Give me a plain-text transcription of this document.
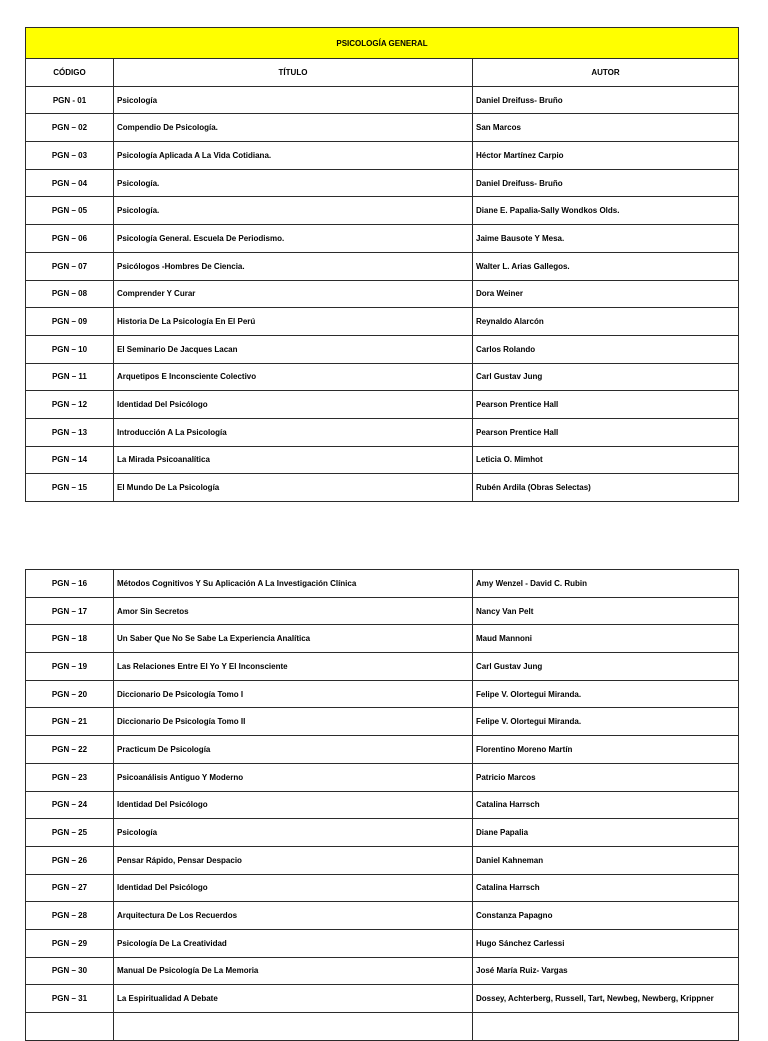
PSICOLOGÍA GENERAL		
CÓDIGO	TÍTULO	AUTOR
PGN - 01	Psicología	Daniel Dreifuss- Bruño
PGN – 02	Compendio De Psicología.	San Marcos
PGN – 03	Psicología Aplicada A La Vida Cotidiana.	Héctor Martínez Carpio
PGN – 04	Psicología.	Daniel Dreifuss- Bruño
PGN – 05	Psicología.	Diane E. Papalia-Sally Wondkos Olds.
PGN – 06	Psicología General. Escuela De Periodismo.	Jaime Bausote Y Mesa.
PGN – 07	Psicólogos -Hombres De Ciencia.	Walter L. Arias Gallegos.
PGN – 08	Comprender Y Curar	Dora Weiner
PGN – 09	Historia De La Psicología En El Perú	Reynaldo Alarcón
PGN – 10	El Seminario De Jacques Lacan	Carlos Rolando
PGN – 11	Arquetipos E Inconsciente Colectivo	Carl Gustav Jung
PGN – 12	Identidad Del Psicólogo	Pearson Prentice Hall
PGN – 13	Introducción A La Psicología	Pearson Prentice Hall
PGN – 14	La Mirada Psicoanalítica	Leticia O. Mimhot
PGN – 15	El Mundo De La Psicología	Rubén Ardila (Obras Selectas)
PGN – 16	Métodos Cognitivos Y Su Aplicación A La Investigación Clínica	Amy Wenzel - David C. Rubin
PGN – 17	Amor Sin Secretos	Nancy Van Pelt
PGN – 18	Un Saber Que No Se Sabe La Experiencia Analítica	Maud Mannoni
PGN – 19	Las Relaciones Entre El Yo Y El Inconsciente	Carl Gustav Jung
PGN – 20	Diccionario De Psicología Tomo I	Felipe V. Olortegui Miranda.
PGN – 21	Diccionario De Psicología Tomo II	Felipe V. Olortegui Miranda.
PGN – 22	Practicum De Psicología	Florentino Moreno Martín
PGN – 23	Psicoanálisis Antiguo Y Moderno	Patricio Marcos
PGN – 24	Identidad Del Psicólogo	Catalina Harrsch
PGN – 25	Psicología	Diane Papalia
PGN – 26	Pensar Rápido, Pensar Despacio	Daniel Kahneman
PGN – 27	Identidad Del Psicólogo	Catalina Harrsch
PGN – 28	Arquitectura De Los Recuerdos	Constanza Papagno
PGN – 29	Psicología De La Creatividad	Hugo Sánchez Carlessi
PGN – 30	Manual De Psicología De La Memoria	José María Ruiz- Vargas
PGN – 31	La Espiritualidad A Debate	Dossey, Achterberg, Russell, Tart, Newbeg, Newberg, Krippner
